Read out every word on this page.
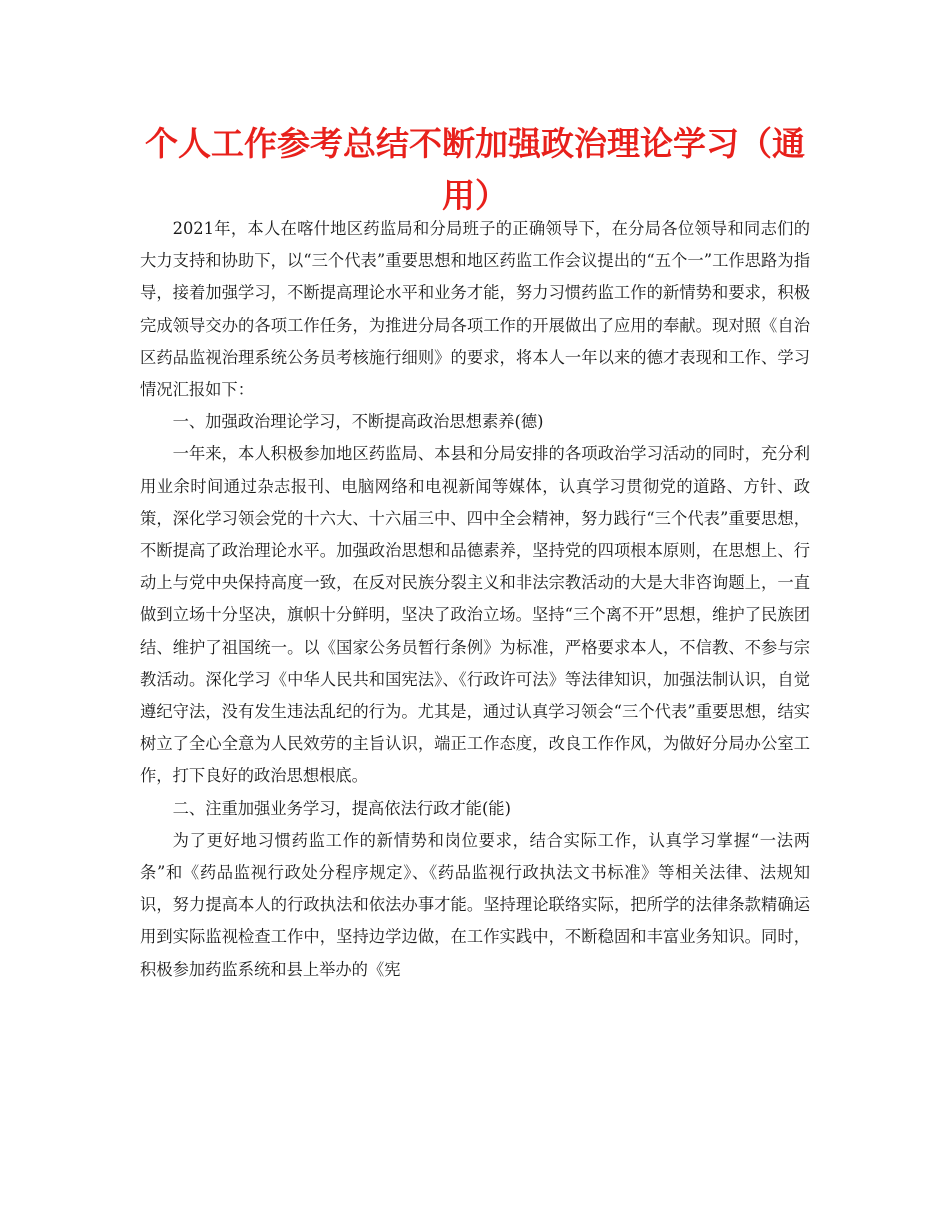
个人工作参考总结不断加强政治理论学习（通用）

2021年，本人在喀什地区药监局和分局班子的正确领导下，在分局各位领导和同志们的大力支持和协助下，以“三个代表”重要思想和地区药监工作会议提出的“五个一”工作思路为指导，接着加强学习，不断提高理论水平和业务才能，努力习惯药监工作的新情势和要求，积极完成领导交办的各项工作任务，为推进分局各项工作的开展做出了应用的奉献。现对照《自治区药品监视治理系统公务员考核施行细则》的要求，将本人一年以来的德才表现和工作、学习情况汇报如下：

一、加强政治理论学习，不断提高政治思想素养(德)

一年来，本人积极参加地区药监局、本县和分局安排的各项政治学习活动的同时，充分利用业余时间通过杂志报刊、电脑网络和电视新闻等媒体，认真学习贯彻党的道路、方针、政策，深化学习领会党的十六大、十六届三中、四中全会精神，努力践行“三个代表”重要思想，不断提高了政治理论水平。加强政治思想和品德素养，坚持党的四项根本原则，在思想上、行动上与党中央保持高度一致，在反对民族分裂主义和非法宗教活动的大是大非咨询题上，一直做到立场十分坚决，旗帜十分鲜明，坚决了政治立场。坚持“三个离不开”思想，维护了民族团结、维护了祖国统一。以《国家公务员暂行条例》为标准，严格要求本人，不信教、不参与宗教活动。深化学习《中华人民共和国宪法》、《行政许可法》等法律知识，加强法制认识，自觉遵纪守法，没有发生违法乱纪的行为。尤其是，通过认真学习领会“三个代表”重要思想，结实树立了全心全意为人民效劳的主旨认识，端正工作态度，改良工作作风，为做好分局办公室工作，打下良好的政治思想根底。

二、注重加强业务学习，提高依法行政才能(能)

为了更好地习惯药监工作的新情势和岗位要求，结合实际工作，认真学习掌握“一法两条”和《药品监视行政处分程序规定》、《药品监视行政执法文书标准》等相关法律、法规知识，努力提高本人的行政执法和依法办事才能。坚持理论联络实际，把所学的法律条款精确运用到实际监视检查工作中，坚持边学边做，在工作实践中，不断稳固和丰富业务知识。同时，积极参加药监系统和县上举办的《宪
